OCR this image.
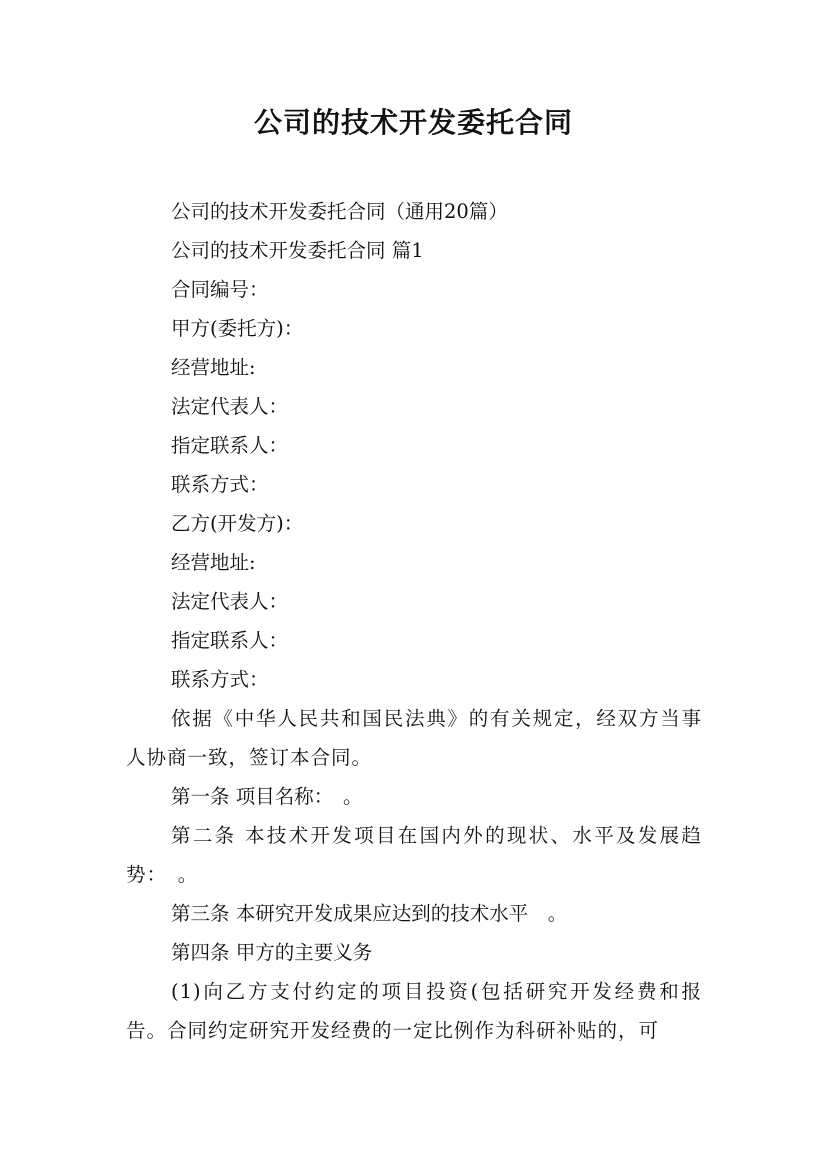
公司的技术开发委托合同

公司的技术开发委托合同（通用20篇）

公司的技术开发委托合同 篇1

合同编号：

甲方(委托方)：

经营地址:

法定代表人：

指定联系人：

联系方式：

乙方(开发方)：

经营地址:

法定代表人：

指定联系人：

联系方式：

依据《中华人民共和国民法典》的有关规定，经双方当事人协商一致，签订本合同。

第一条 项目名称：　。

第二条 本技术开发项目在国内外的现状、水平及发展趋势：　。

第三条 本研究开发成果应达到的技术水平　。

第四条 甲方的主要义务

(1)向乙方支付约定的项目投资(包括研究开发经费和报告。合同约定研究开发经费的一定比例作为科研补贴的，可
